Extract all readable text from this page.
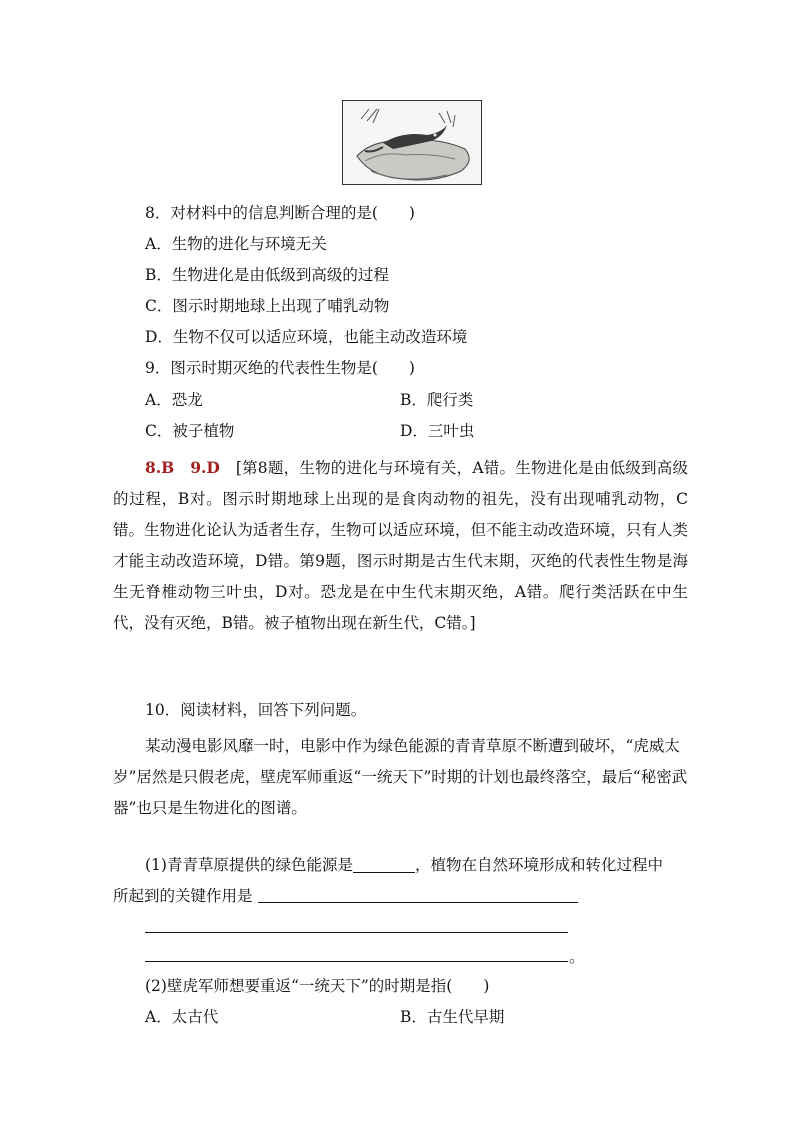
8．对材料中的信息判断合理的是(　　)
A．生物的进化与环境无关
B．生物进化是由低级到高级的过程
C．图示时期地球上出现了哺乳动物
D．生物不仅可以适应环境，也能主动改造环境
9．图示时期灭绝的代表性生物是(　　)
A．恐龙	B．爬行类
C．被子植物	D．三叶虫
8.B　9.D　 [第8题，生物的进化与环境有关，A错。生物进化是由低级到高级的过程，B对。图示时期地球上出现的是食肉动物的祖先，没有出现哺乳动物，C错。生物进化论认为适者生存，生物可以适应环境，但不能主动改造环境，只有人类才能主动改造环境，D错。第9题，图示时期是古生代末期，灭绝的代表性生物是海生无脊椎动物三叶虫，D对。恐龙是在中生代末期灭绝，A错。爬行类活跃在中生代，没有灭绝，B错。被子植物出现在新生代，C错。]
10．阅读材料，回答下列问题。
某动漫电影风靡一时，电影中作为绿色能源的青青草原不断遭到破坏，“虎威太岁”居然是只假老虎，壁虎军师重返“一统天下”时期的计划也最终落空，最后“秘密武器”也只是生物进化的图谱。
(1)青青草原提供的绿色能源是	，植物在自然环境形成和转化过程中
所起到的关键作用是
。
(2)壁虎军师想要重返“一统天下”的时期是指(　　)
A．太古代	B．古生代早期
